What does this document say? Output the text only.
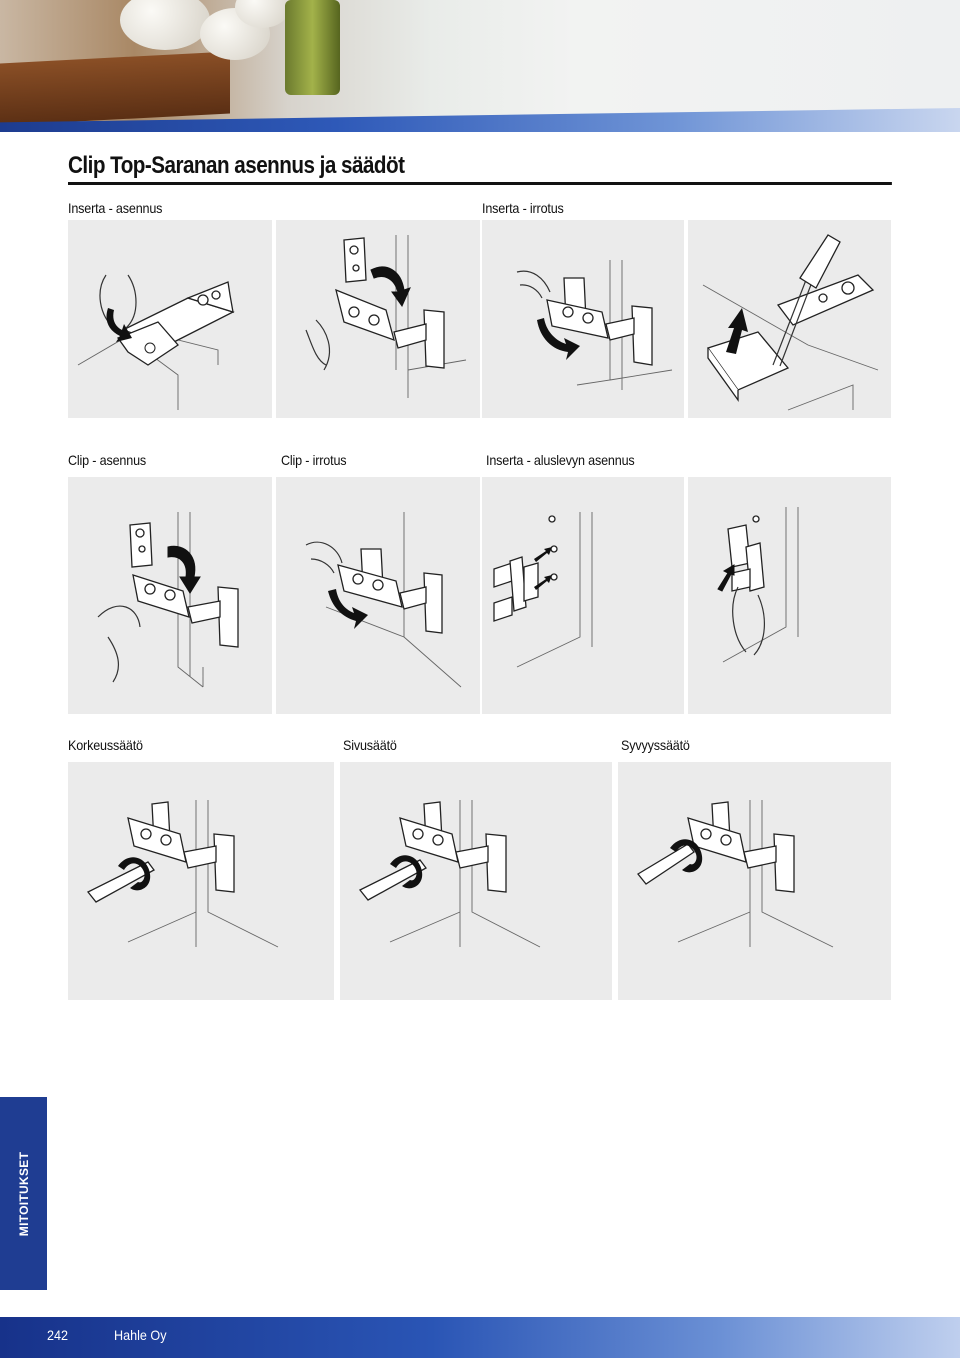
Clip Top-Saranan asennus ja säädöt
Inserta - asennus	Inserta - irrotus
Clip - asennus	Clip - irrotus	Inserta - aluslevyn asennus
Korkeussäätö	Sivusäätö	Syvyyssäätö
MITOITUKSET
242	Hahle Oy
